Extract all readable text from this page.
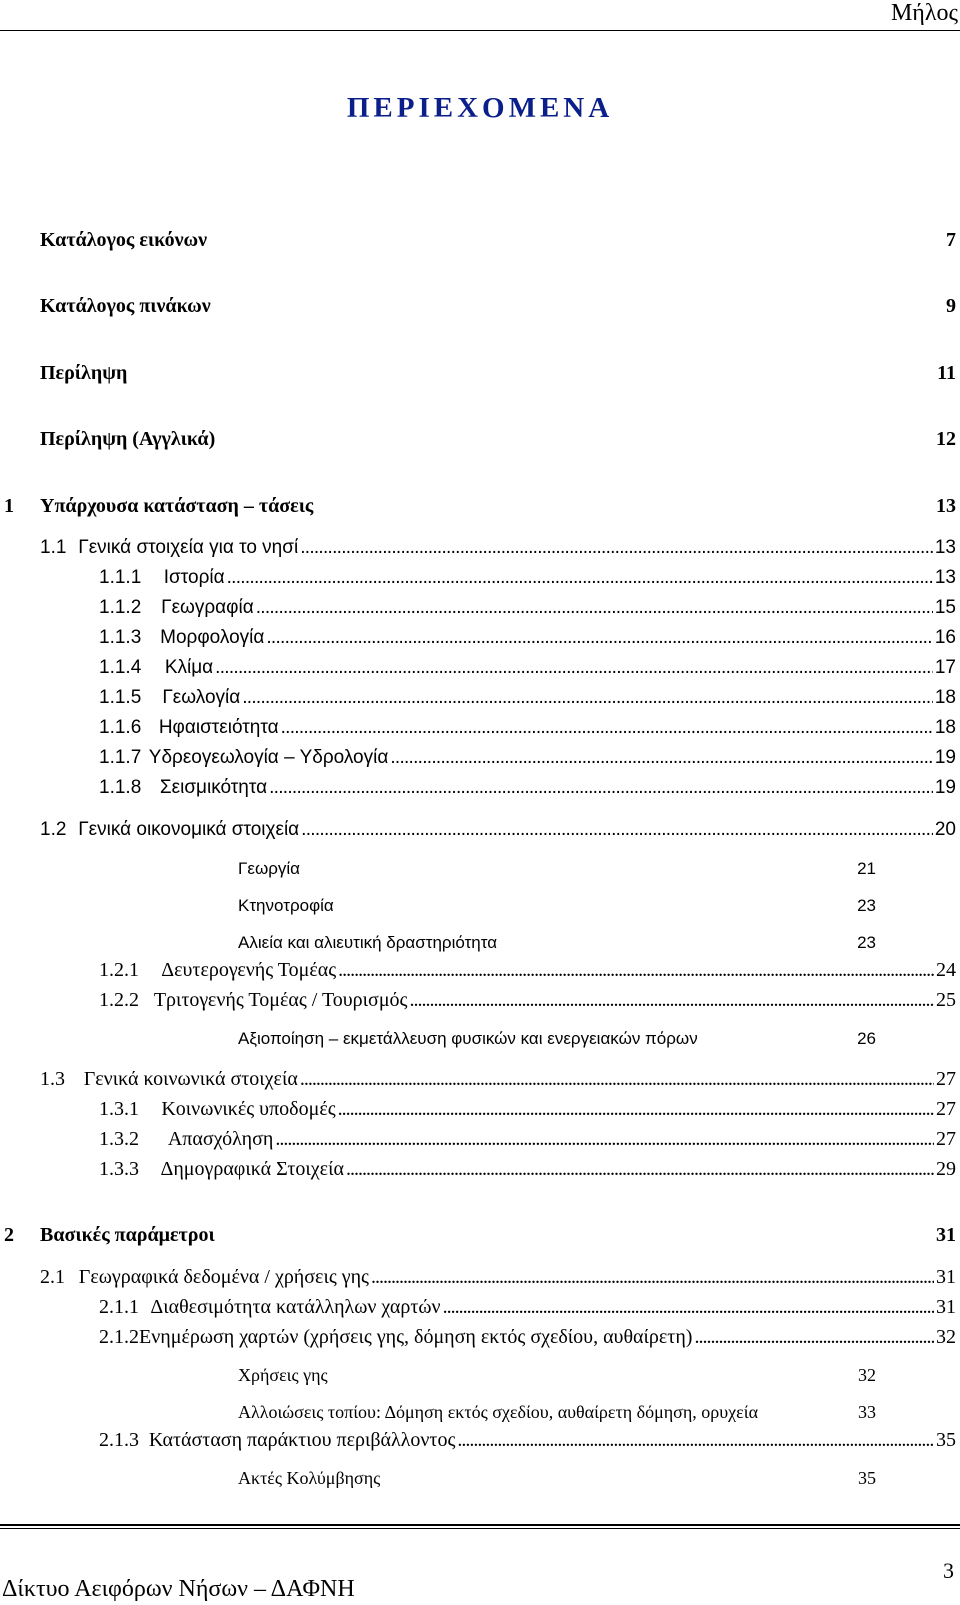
Μήλος
ΠΕΡΙΕΧΟΜΕΝΑ
Κατάλογος εικόνων	7
Κατάλογος πινάκων	9
Περίληψη	11
Περίληψη (Αγγλικά)	12
1	Υπάρχουσα κατάσταση – τάσεις	13
1.1 Γενικά στοιχεία για το νησί . . .	13
1.1.1	Ιστορία . . .	13
1.1.2	Γεωγραφία . . .	15
1.1.3 Μορφολογία . . .	16
1.1.4	Κλίμα . . .	17
1.1.5	Γεωλογία . . .	18
1.1.6 Ηφαιστειότητα . . .	18
1.1.7 Υδρεογεωλογία – Υδρολογία . . .	19
1.1.8 Σεισμικότητα . . .	19
1.2 Γενικά οικονομικά στοιχεία . . .	20
Γεωργία	21
Κτηνοτροφία	23
Αλιεία και αλιευτική δραστηριότητα	23
1.2.1	Δευτερογενής Τομέας . . .	24
1.2.2 Τριτογενής Τομέας / Τουρισμός . . .	25
Αξιοποίηση – εκμετάλλευση φυσικών και ενεργειακών πόρων	26
1.3 Γενικά κοινωνικά στοιχεία . . .	27
1.3.1	Κοινωνικές υποδομές . . .	27
1.3.2	Απασχόληση . . .	27
1.3.3	Δημογραφικά Στοιχεία . . .	29
2	Βασικές παράμετροι	31
2.1 Γεωγραφικά δεδομένα / χρήσεις γης . . .	31
2.1.1 Διαθεσιμότητα κατάλληλων χαρτών . . .	31
2.1.2 Ενημέρωση χαρτών (χρήσεις γης, δόμηση εκτός σχεδίου, αυθαίρετη) . . .	32
Χρήσεις γης	32
Αλλοιώσεις τοπίου: Δόμηση εκτός σχεδίου, αυθαίρετη δόμηση, ορυχεία	33
2.1.3 Κατάσταση παράκτιου περιβάλλοντος . . .	35
Ακτές Κολύμβησης	35
Δίκτυο Αειφόρων Νήσων – ΔΑΦΝΗ
3
